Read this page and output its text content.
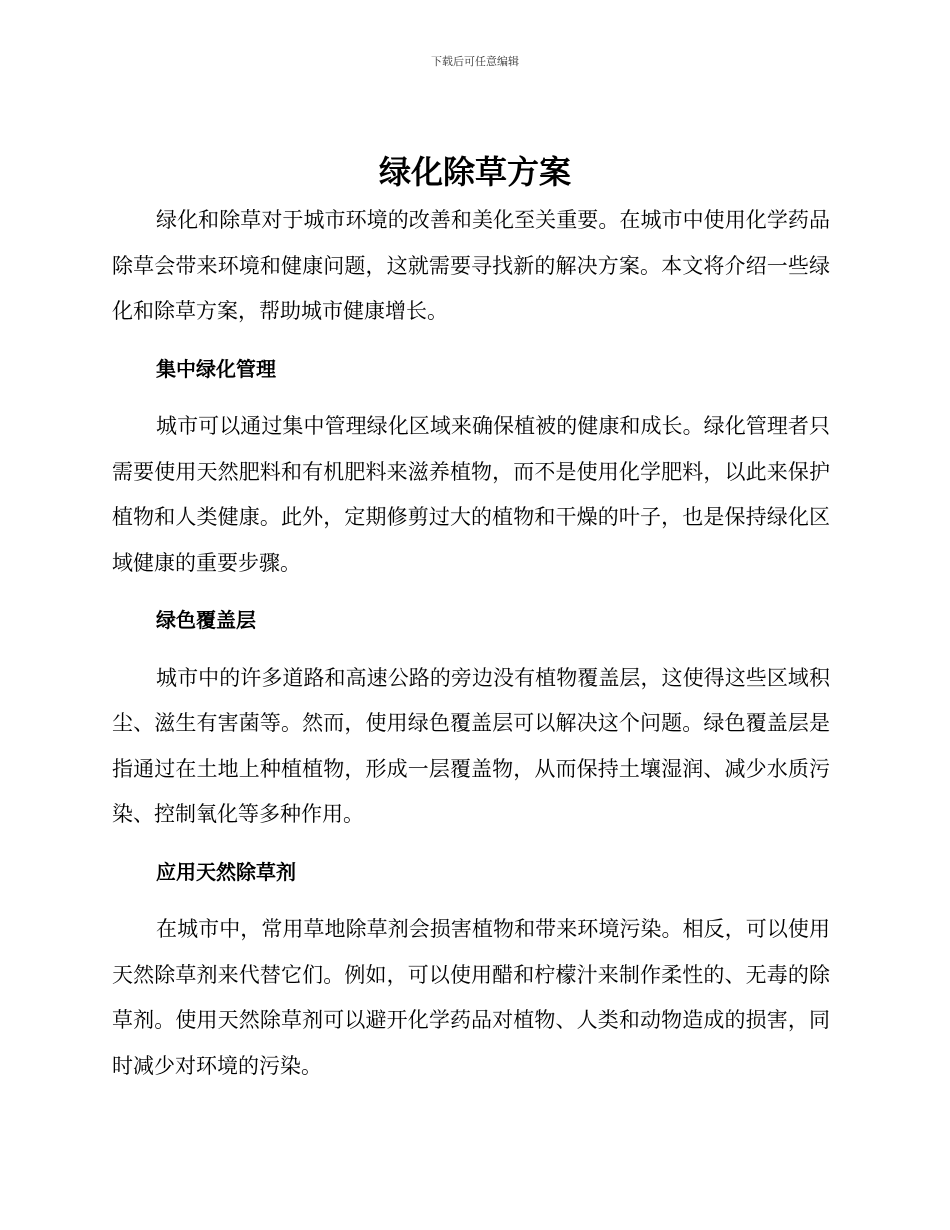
下载后可任意编辑
绿化除草方案

绿化和除草对于城市环境的改善和美化至关重要。在城市中使用化学药品除草会带来环境和健康问题，这就需要寻找新的解决方案。本文将介绍一些绿化和除草方案，帮助城市健康增长。

集中绿化管理

城市可以通过集中管理绿化区域来确保植被的健康和成长。绿化管理者只需要使用天然肥料和有机肥料来滋养植物，而不是使用化学肥料，以此来保护植物和人类健康。此外，定期修剪过大的植物和干燥的叶子，也是保持绿化区域健康的重要步骤。

绿色覆盖层

城市中的许多道路和高速公路的旁边没有植物覆盖层，这使得这些区域积尘、滋生有害菌等。然而，使用绿色覆盖层可以解决这个问题。绿色覆盖层是指通过在土地上种植植物，形成一层覆盖物，从而保持土壤湿润、减少水质污染、控制氧化等多种作用。

应用天然除草剂

在城市中，常用草地除草剂会损害植物和带来环境污染。相反，可以使用天然除草剂来代替它们。例如，可以使用醋和柠檬汁来制作柔性的、无毒的除草剂。使用天然除草剂可以避开化学药品对植物、人类和动物造成的损害，同时减少对环境的污染。
